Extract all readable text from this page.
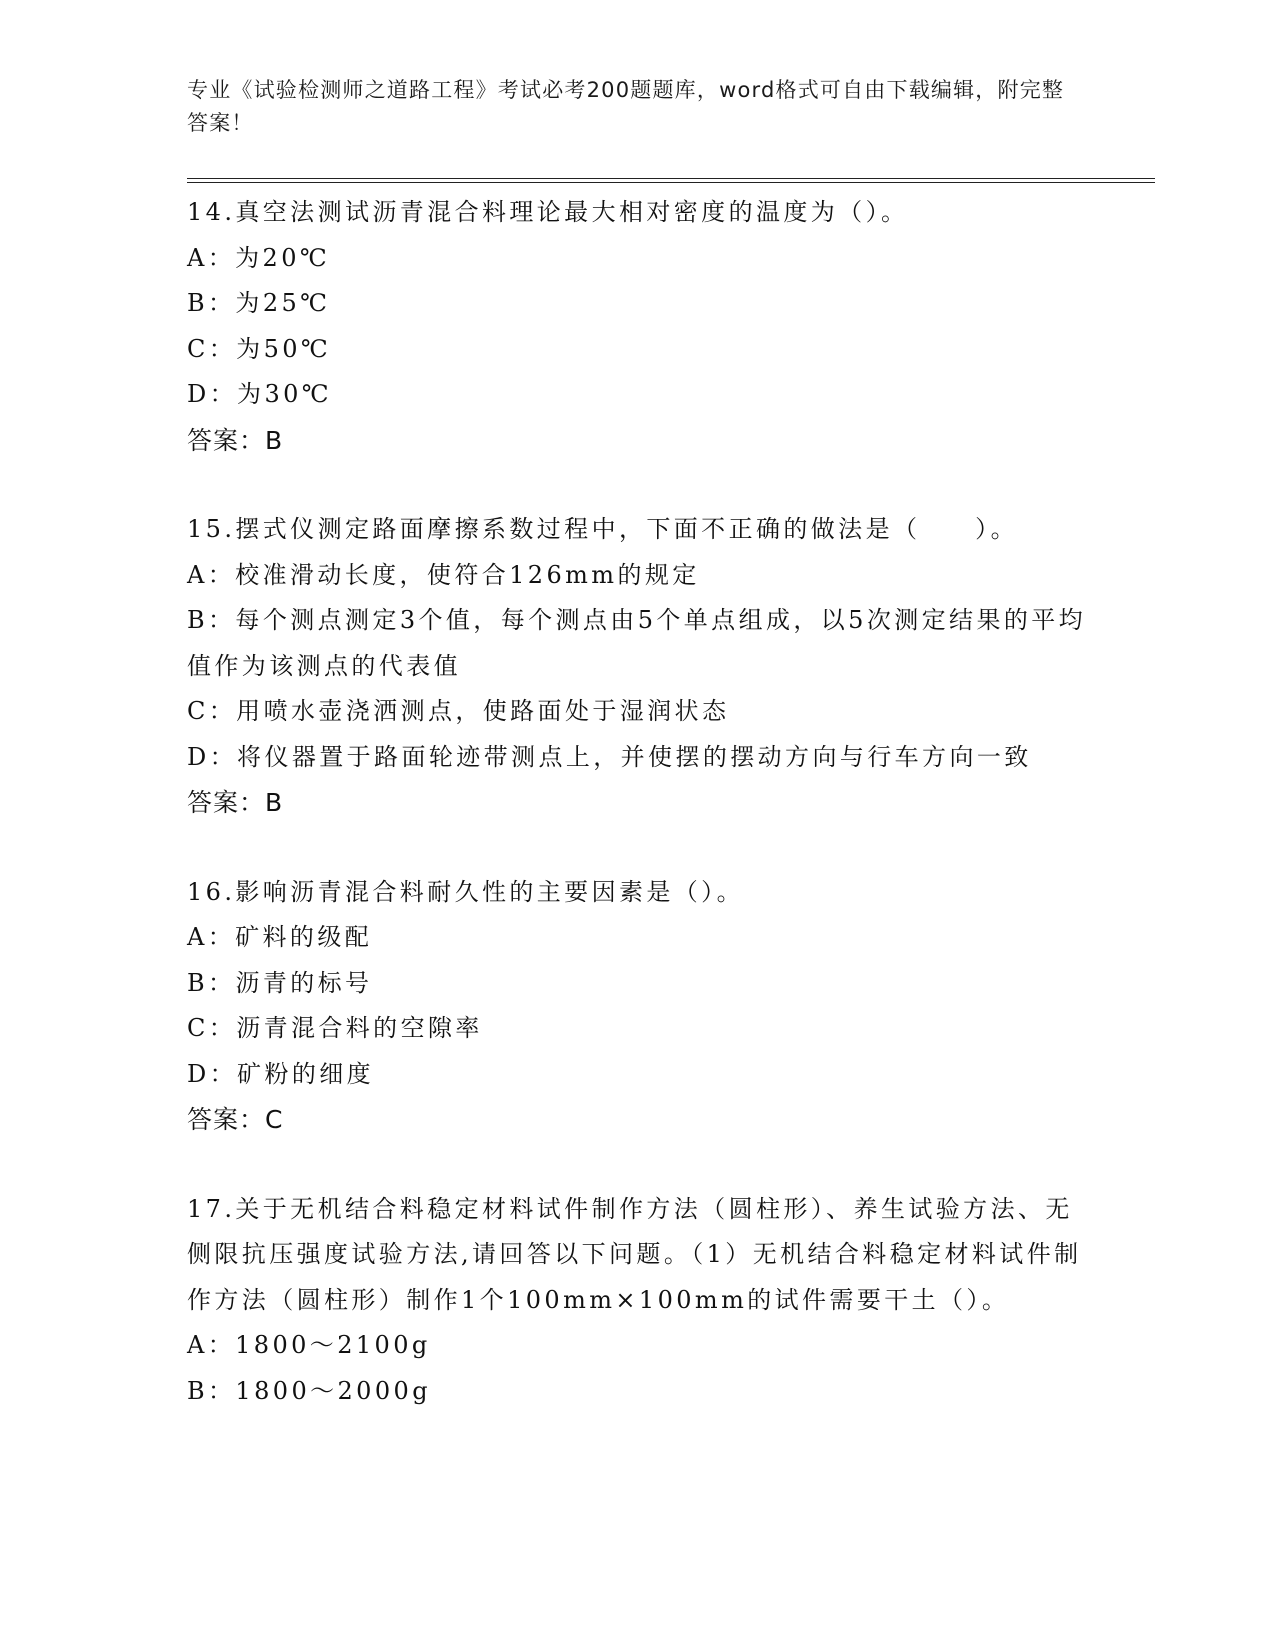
专业《试验检测师之道路工程》考试必考200题题库，word格式可自由下载编辑，附完整答案！

14.真空法测试沥青混合料理论最大相对密度的温度为（）。

A：为20℃

B：为25℃

C：为50℃

D：为30℃

答案：B

15.摆式仪测定路面摩擦系数过程中，下面不正确的做法是（　　）。

A：校准滑动长度，使符合126mm的规定

B：每个测点测定3个值，每个测点由5个单点组成，以5次测定结果的平均值作为该测点的代表值

C：用喷水壶浇洒测点，使路面处于湿润状态

D：将仪器置于路面轮迹带测点上，并使摆的摆动方向与行车方向一致

答案：B

16.影响沥青混合料耐久性的主要因素是（）。

A：矿料的级配

B：沥青的标号

C：沥青混合料的空隙率

D：矿粉的细度

答案：C

17.关于无机结合料稳定材料试件制作方法（圆柱形）、养生试验方法、无侧限抗压强度试验方法,请回答以下问题。（1）无机结合料稳定材料试件制作方法（圆柱形）制作1个100mm×100mm的试件需要干土（）。

A：1800～2100g

B：1800～2000g
